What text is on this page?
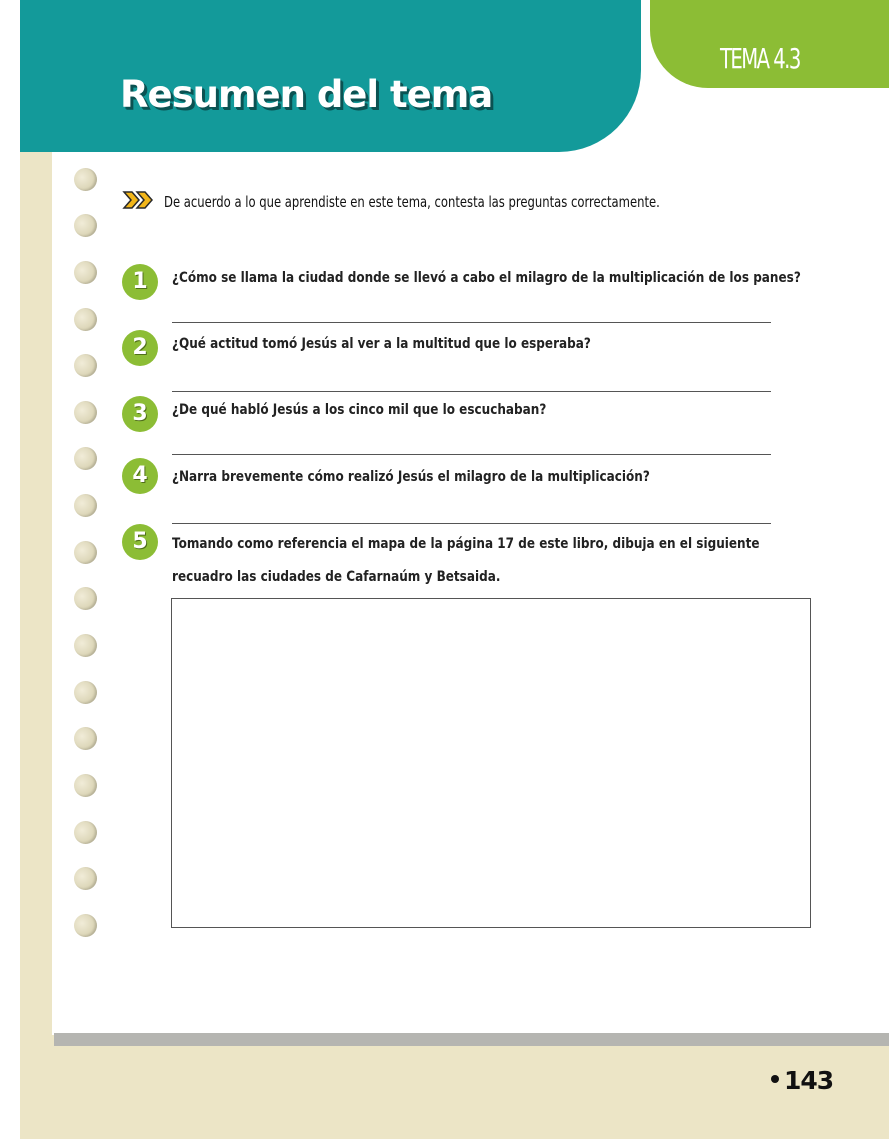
Resumen del tema
TEMA 4.3
De acuerdo a lo que aprendiste en este tema, contesta las preguntas correctamente.
1	¿Cómo se llama la ciudad donde se llevó a cabo el milagro de la multiplicación de los panes?
2	¿Qué actitud tomó Jesús al ver a la multitud que lo esperaba?
3	¿De qué habló Jesús a los cinco mil que lo escuchaban?
4	¿Narra brevemente cómo realizó Jesús el milagro de la multiplicación?
5	Tomando como referencia el mapa de la página 17 de este libro, dibuja en el siguiente
recuadro las ciudades de Cafarnaúm y Betsaida.
143
